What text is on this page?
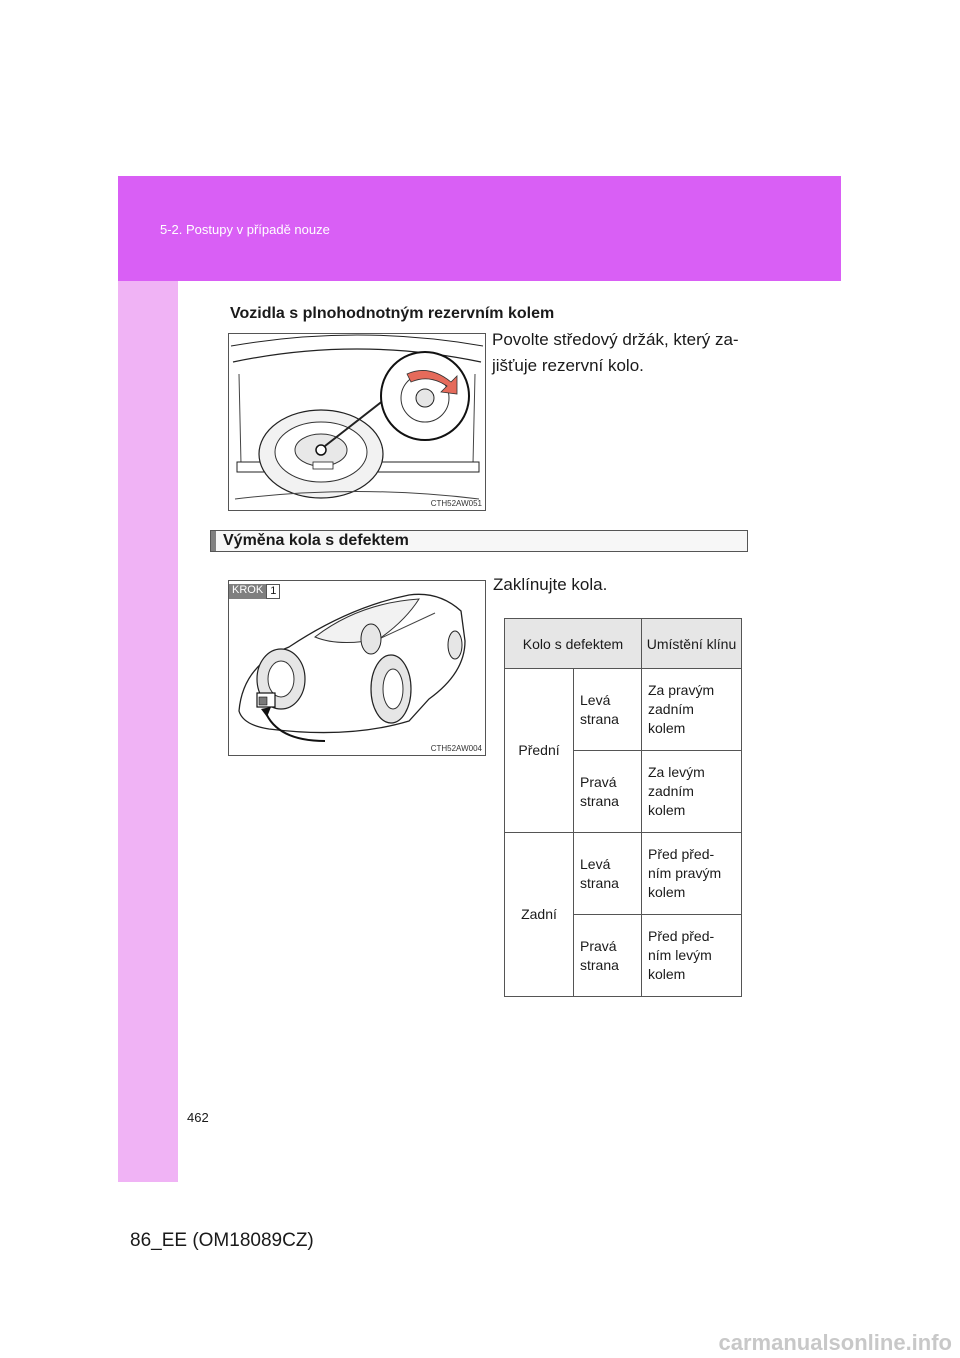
5-2. Postupy v případě nouze
Vozidla s plnohodnotným rezervním kolem
CTH52AW051
Povolte středový držák, který za-jišťuje rezervní kolo.
Výměna kola s defektem
CTH52AW004
KROK 1	Zaklínujte kola.
Kolo s defektem		Umístění klínu
Přední	Levá strana	Za pravým zadním kolem
	Pravá strana	Za levým zadním kolem
Zadní	Levá strana	Před před-ním pravým kolem
	Pravá strana	Před před-ním levým kolem
462
86_EE (OM18089CZ)
carmanualsonline.info
